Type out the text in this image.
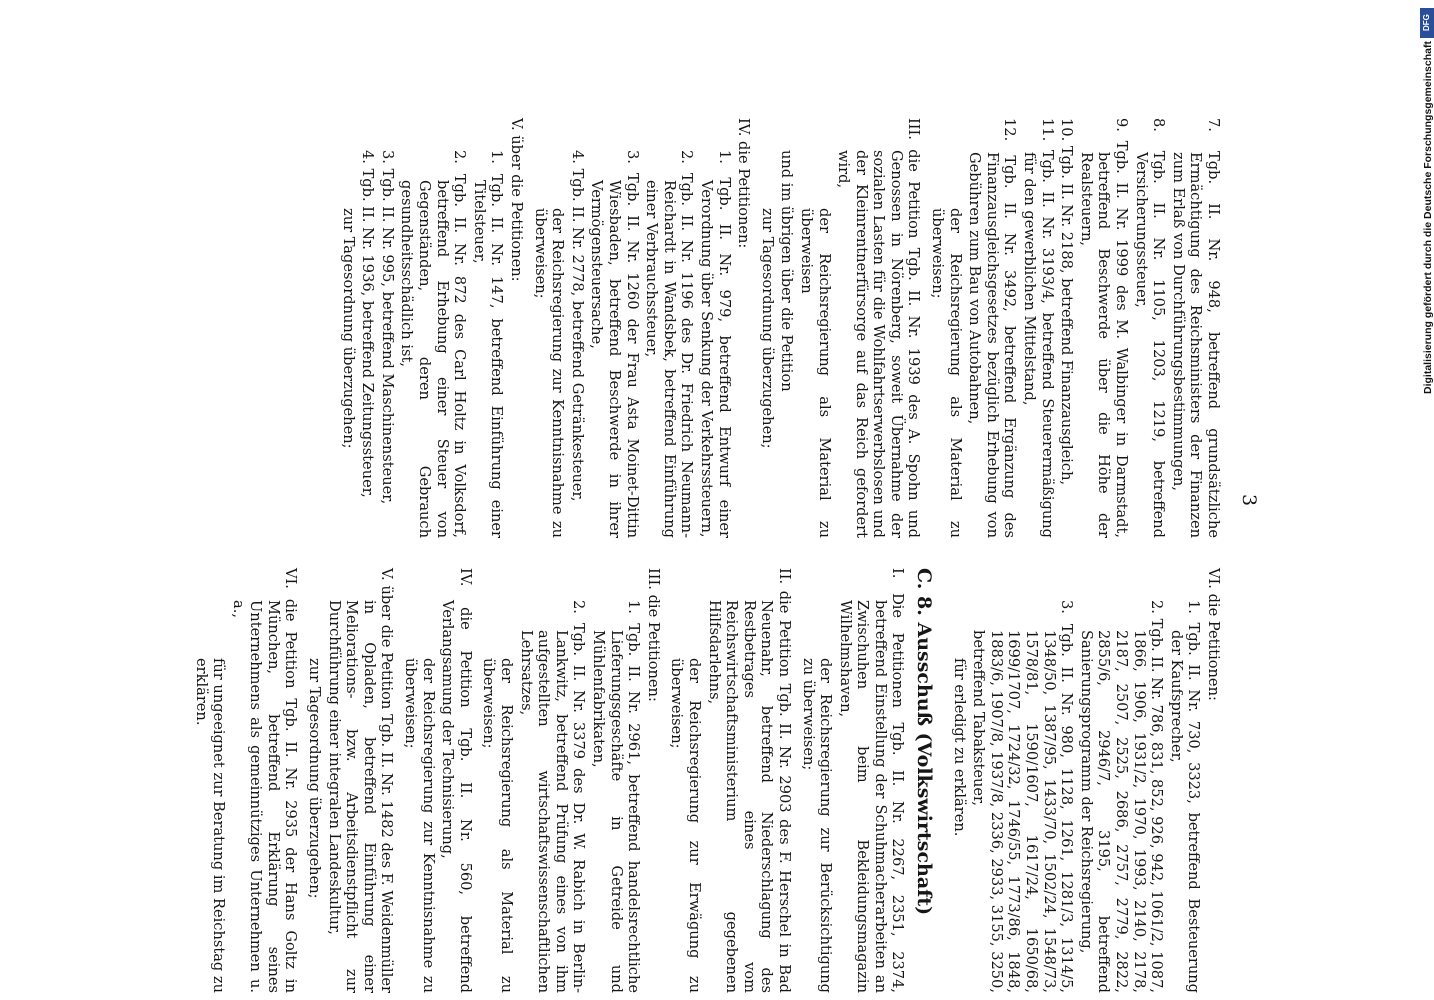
3
7. Tgb. II. Nr. 948, betreffend grundsätzliche Ermächtigung des Reichsministers der Finanzen zum Erlaß von Durchführungsbestimmungen,
8. Tgb. II. Nr. 1105, 1203, 1219, betreffend Versicherungssteuer,
9. Tgb. II. Nr. 1999 des M. Walbinger in Darmstadt, betreffend Beschwerde über die Höhe der Realsteuern,
10. Tgb. II. Nr. 2188, betreffend Finanzausgleich,
11. Tgb. II. Nr. 3193/4, betreffend Steuerermäßigung für den gewerblichen Mittelstand,
12. Tgb. II. Nr. 3492, betreffend Ergänzung des Finanzausgleichsgesetzes bezüglich Erhebung von Gebühren zum Bau von Autobahnen,
der Reichsregierung als Material zu überweisen;
III. die Petition Tgb. II. Nr. 1939 des A. Spohn und Genossen in Nörenberg, soweit Übernahme der sozialen Lasten für die Wohlfahrtserwerbslosen und der Kleinrentnerfürsorge auf das Reich gefordert wird,
der Reichsregierung als Material zu überweisen
und im übrigen über die Petition
zur Tagesordnung überzugehen;
IV. die Petitionen:
1. Tgb. II. Nr. 979, betreffend Entwurf einer Verordnung über Senkung der Verkehrssteuern,
2. Tgb. II. Nr. 1196 des Dr. Friedrich Neumann-Reichardt in Wandsbek, betreffend Einführung einer Verbrauchssteuer,
3. Tgb. II. Nr. 1260 der Frau Asta Moinet-Dittin Wiesbaden, betreffend Beschwerde in ihrer Vermögensteuersache,
4. Tgb. II. Nr. 2778, betreffend Getränkesteuer,
der Reichsregierung zur Kenntnisnahme zu überweisen;
V. über die Petitionen:
1. Tgb. II. Nr. 147, betreffend Einführung einer Titelsteuer,
2. Tgb. II. Nr. 872 des Carl Holtz in Volksdorf, betreffend Erhebung einer Steuer von Gegenständen, deren Gebrauch gesundheitsschädlich ist,
3. Tgb. II. Nr. 995, betreffend Maschinensteuer,
4. Tgb. II. Nr. 1936, betreffend Zeitungssteuer,
zur Tagesordnung überzugehen;
VI. die Petitionen:
1. Tgb. II. Nr. 730, 3323, betreffend Besteuerung der Kaufsprecher,
2. Tgb. II. Nr. 786, 831, 852, 926, 942, 1061/2, 1087, 1866, 1906, 1931/2, 1970, 1993, 2140, 2178, 2187, 2507, 2525, 2686, 2757, 2779, 2822, 2855/6, 2946/7, 3195, betreffend Sanierungsprogramm der Reichsregierung,
3. Tgb. II. Nr. 980, 1128, 1261, 1281/3, 1314/5, 1348/50, 1387/95, 1433/70, 1502/24, 1548/73, 1578/81, 1590/1607, 1617/24, 1650/68, 1699/1707, 1724/32, 1746/55, 1773/86, 1848, 1883/6, 1907/8, 1937/8, 2336, 2933, 3155, 3250, betreffend Tabaksteuer,
für erledigt zu erklären.
C. 8. Ausschuß (Volkswirtschaft)
I. Die Petitionen Tgb. II. Nr. 2267, 2351, 2374, betreffend Einstellung der Schuhmacherarbeiten an Zwischuhen beim Bekleidungsmagazin Wilhelmshaven,
der Reichsregierung zur Berücksichtigung zu überweisen;
II. die Petition Tgb. II. Nr. 2903 des F. Herschel in Bad Neuenahr, betreffend Niederschlagung des Restbetrages eines vom Reichswirtschaftsministerium gegebenen Hilfsdarlehns,
der Reichsregierung zur Erwägung zu überweisen;
III. die Petitionen:
1. Tgb. II. Nr. 2961, betreffend handelsrechtliche Lieferungsgeschäfte in Getreide und Mühlenfabrikaten,
2. Tgb. II. Nr. 3379 des Dr. W. Rabich in Berlin-Lankwitz, betreffend Prüfung eines von ihm aufgestellten wirtschaftswissenschaftlichen Lehrsatzes,
der Reichsregierung als Material zu überweisen;
IV. die Petition Tgb. II. Nr. 560, betreffend Verlangsamung der Technisierung,
der Reichsregierung zur Kenntnisnahme zu überweisen;
V. über die Petition Tgb. II. Nr. 1482 des F. Weidenmüller in Opladen, betreffend Einführung einer Meliorations- bzw. Arbeitsdienstpflicht zur Durchführung einer integralen Landeskultur,
zur Tagesordnung überzugehen;
VI. die Petition Tgb. II. Nr. 2935 der Hans Goltz in München, betreffend Erklärung seines Unternehmens als gemeinnütziges Unternehmen u. a.,
für ungeeignet zur Beratung im Reichstag zu erklären.
DFG
Digitalisierung gefördert durch die Deutsche Forschungsgemeinschaft
